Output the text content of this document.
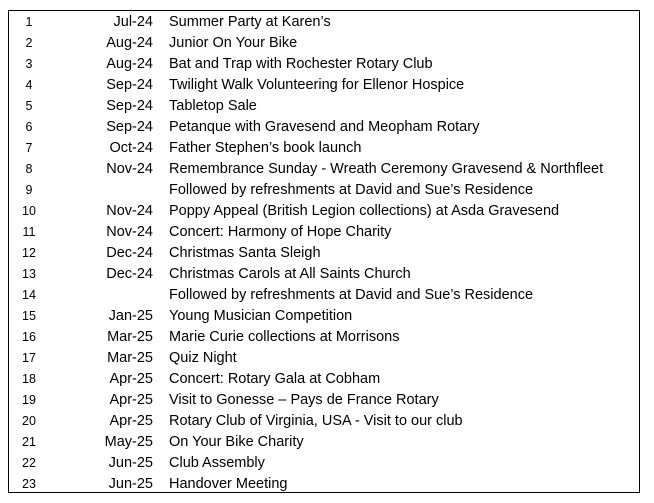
1	Jul-24 Summer Party at Karen’s
2	Aug-24 Junior On Your Bike
3	Aug-24 Bat and Trap with Rochester Rotary Club
4	Sep-24 Twilight Walk Volunteering for Ellenor Hospice
5	Sep-24 Tabletop Sale
6	Sep-24 Petanque with Gravesend and Meopham Rotary
7	Oct-24 Father Stephen’s book launch
8	Nov-24 Remembrance Sunday - Wreath Ceremony Gravesend & Northfleet
9	Followed by refreshments at David and Sue’s Residence
10	Nov-24 Poppy Appeal (British Legion collections) at Asda Gravesend
11	Nov-24 Concert: Harmony of Hope Charity
12	Dec-24 Christmas Santa Sleigh
13	Dec-24 Christmas Carols at All Saints Church
14	Followed by refreshments at David and Sue’s Residence
15	Jan-25 Young Musician Competition
16	Mar-25 Marie Curie collections at Morrisons
17	Mar-25 Quiz Night
18	Apr-25 Concert: Rotary Gala at Cobham
19	Apr-25 Visit to Gonesse – Pays de France Rotary
20	Apr-25 Rotary Club of Virginia, USA - Visit to our club
21	May-25 On Your Bike Charity
22	Jun-25 Club Assembly
23	Jun-25 Handover Meeting
